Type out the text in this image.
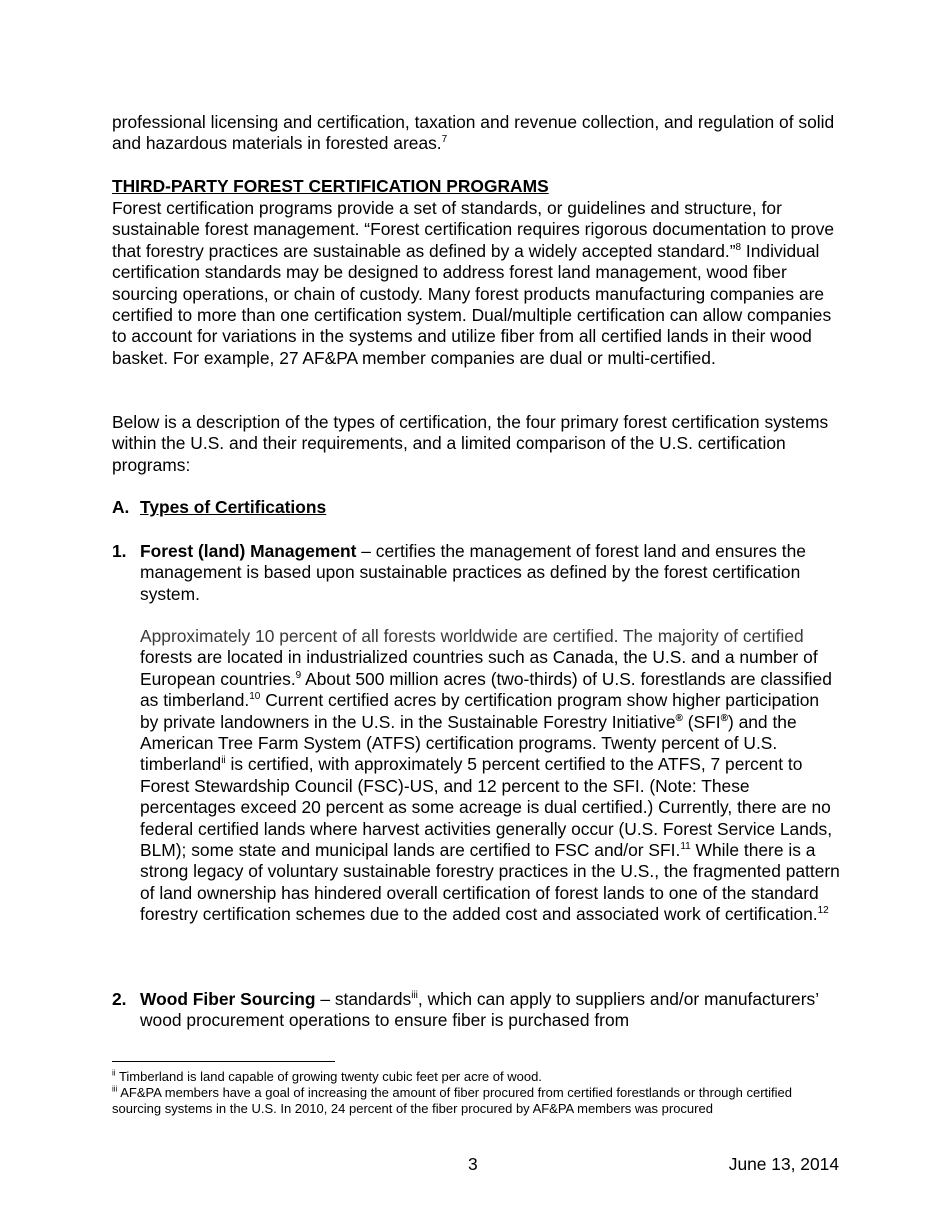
professional licensing and certification, taxation and revenue collection, and regulation of solid and hazardous materials in forested areas.$^7$
THIRD-PARTY FOREST CERTIFICATION PROGRAMS
Forest certification programs provide a set of standards, or guidelines and structure, for sustainable forest management. “Forest certification requires rigorous documentation to prove that forestry practices are sustainable as defined by a widely accepted standard.”$^8$ Individual certification standards may be designed to address forest land management, wood fiber sourcing operations, or chain of custody. Many forest products manufacturing companies are certified to more than one certification system. Dual/multiple certification can allow companies to account for variations in the systems and utilize fiber from all certified lands in their wood basket. For example, 27 AF&PA member companies are dual or multi-certified.
Below is a description of the types of certification, the four primary forest certification systems within the U.S. and their requirements, and a limited comparison of the U.S. certification programs:
A. Types of Certifications
1. Forest (land) Management – certifies the management of forest land and ensures the management is based upon sustainable practices as defined by the forest certification system.
Approximately 10 percent of all forests worldwide are certified. The majority of certified forests are located in industrialized countries such as Canada, the U.S. and a number of European countries.$^9$ About 500 million acres (two-thirds) of U.S. forestlands are classified as timberland.$^{10}$ Current certified acres by certification program show higher participation by private landowners in the U.S. in the Sustainable Forestry Initiative® (SFI®) and the American Tree Farm System (ATFS) certification programs. Twenty percent of U.S. timberland$^{ii}$ is certified, with approximately 5 percent certified to the ATFS, 7 percent to Forest Stewardship Council (FSC)-US, and 12 percent to the SFI. (Note: These percentages exceed 20 percent as some acreage is dual certified.) Currently, there are no federal certified lands where harvest activities generally occur (U.S. Forest Service Lands, BLM); some state and municipal lands are certified to FSC and/or SFI.$^{11}$ While there is a strong legacy of voluntary sustainable forestry practices in the U.S., the fragmented pattern of land ownership has hindered overall certification of forest lands to one of the standard forestry certification schemes due to the added cost and associated work of certification.$^{12}$
2. Wood Fiber Sourcing – standards$^{iii}$, which can apply to suppliers and/or manufacturers’ wood procurement operations to ensure fiber is purchased from
$^{ii}$ Timberland is land capable of growing twenty cubic feet per acre of wood.
$^{iii}$ AF&PA members have a goal of increasing the amount of fiber procured from certified forestlands or through certified sourcing systems in the U.S. In 2010, 24 percent of the fiber procured by AF&PA members was procured
3	June 13, 2014
